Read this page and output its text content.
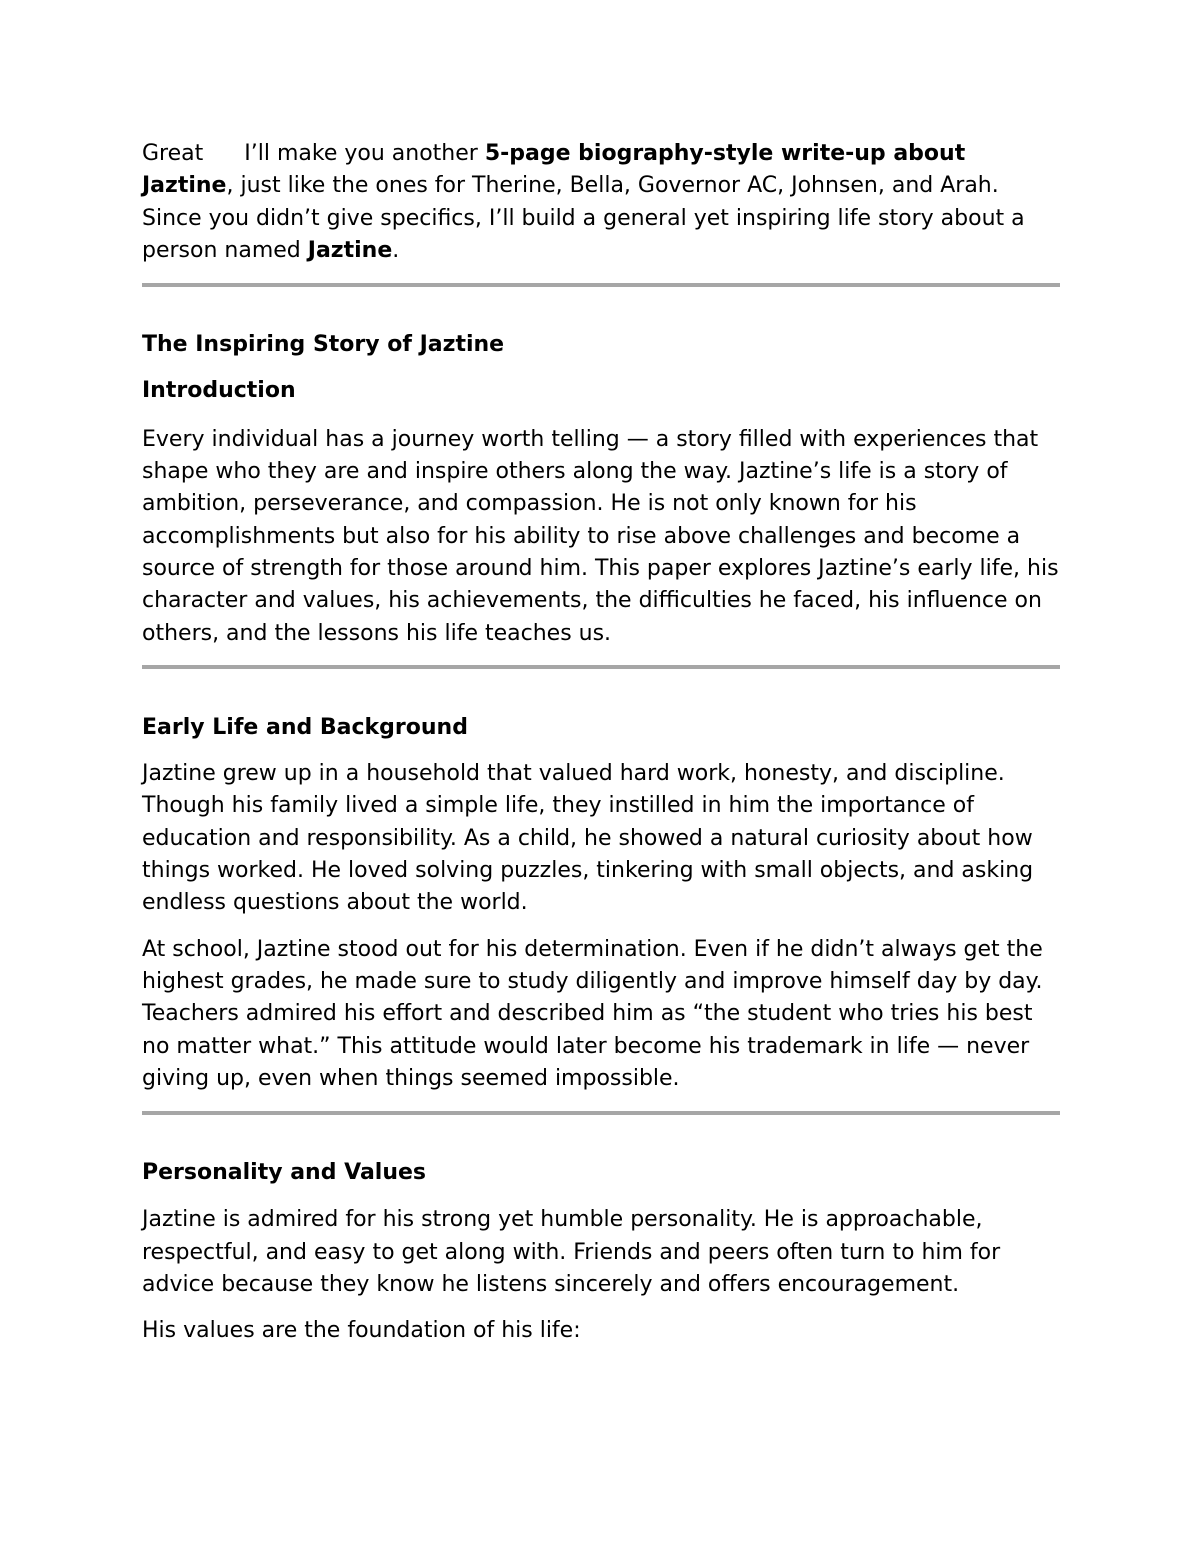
Great I’ll make you another 5-page biography-style write-up about Jaztine, just like the ones for Therine, Bella, Governor AC, Johnsen, and Arah. Since you didn’t give specifics, I’ll build a general yet inspiring life story about a person named Jaztine.

The Inspiring Story of Jaztine

Introduction

Every individual has a journey worth telling — a story filled with experiences that shape who they are and inspire others along the way. Jaztine’s life is a story of ambition, perseverance, and compassion. He is not only known for his accomplishments but also for his ability to rise above challenges and become a source of strength for those around him. This paper explores Jaztine’s early life, his character and values, his achievements, the difficulties he faced, his influence on others, and the lessons his life teaches us.

Early Life and Background

Jaztine grew up in a household that valued hard work, honesty, and discipline. Though his family lived a simple life, they instilled in him the importance of education and responsibility. As a child, he showed a natural curiosity about how things worked. He loved solving puzzles, tinkering with small objects, and asking endless questions about the world.

At school, Jaztine stood out for his determination. Even if he didn’t always get the highest grades, he made sure to study diligently and improve himself day by day. Teachers admired his effort and described him as “the student who tries his best no matter what.” This attitude would later become his trademark in life — never giving up, even when things seemed impossible.

Personality and Values

Jaztine is admired for his strong yet humble personality. He is approachable, respectful, and easy to get along with. Friends and peers often turn to him for advice because they know he listens sincerely and offers encouragement.

His values are the foundation of his life:
